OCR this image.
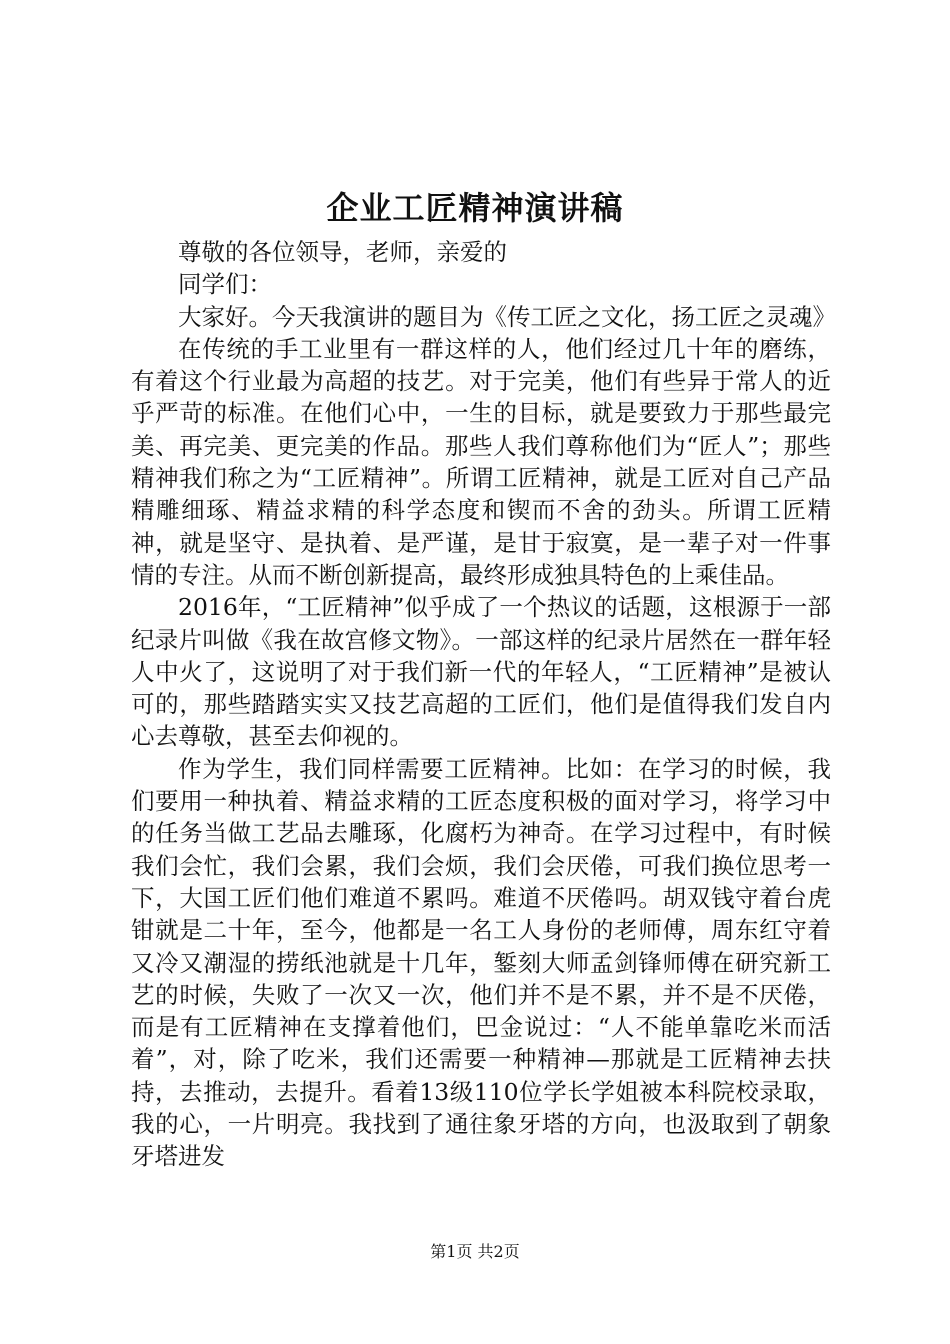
企业工匠精神演讲稿

尊敬的各位领导，老师，亲爱的

同学们：

大家好。今天我演讲的题目为《传工匠之文化，扬工匠之灵魂》

在传统的手工业里有一群这样的人，他们经过几十年的磨练，有着这个行业最为高超的技艺。对于完美，他们有些异于常人的近乎严苛的标准。在他们心中，一生的目标，就是要致力于那些最完美、再完美、更完美的作品。那些人我们尊称他们为“匠人”；那些精神我们称之为“工匠精神”。所谓工匠精神，就是工匠对自己产品精雕细琢、精益求精的科学态度和锲而不舍的劲头。所谓工匠精神，就是坚守、是执着、是严谨，是甘于寂寞，是一辈子对一件事情的专注。从而不断创新提高，最终形成独具特色的上乘佳品。

2016年，“工匠精神”似乎成了一个热议的话题，这根源于一部纪录片叫做《我在故宫修文物》。一部这样的纪录片居然在一群年轻人中火了，这说明了对于我们新一代的年轻人，“工匠精神”是被认可的，那些踏踏实实又技艺高超的工匠们，他们是值得我们发自内心去尊敬，甚至去仰视的。

作为学生，我们同样需要工匠精神。比如：在学习的时候，我们要用一种执着、精益求精的工匠态度积极的面对学习，将学习中的任务当做工艺品去雕琢，化腐朽为神奇。在学习过程中，有时候我们会忙，我们会累，我们会烦，我们会厌倦，可我们换位思考一下，大国工匠们他们难道不累吗。难道不厌倦吗。胡双钱守着台虎钳就是二十年，至今，他都是一名工人身份的老师傅，周东红守着又冷又潮湿的捞纸池就是十几年，錾刻大师孟剑锋师傅在研究新工艺的时候，失败了一次又一次，他们并不是不累，并不是不厌倦，而是有工匠精神在支撑着他们，巴金说过：“人不能单靠吃米而活着”，对，除了吃米，我们还需要一种精神—那就是工匠精神去扶持，去推动，去提升。看着13级110位学长学姐被本科院校录取，我的心，一片明亮。我找到了通往象牙塔的方向，也汲取到了朝象牙塔进发

第1页 共2页
